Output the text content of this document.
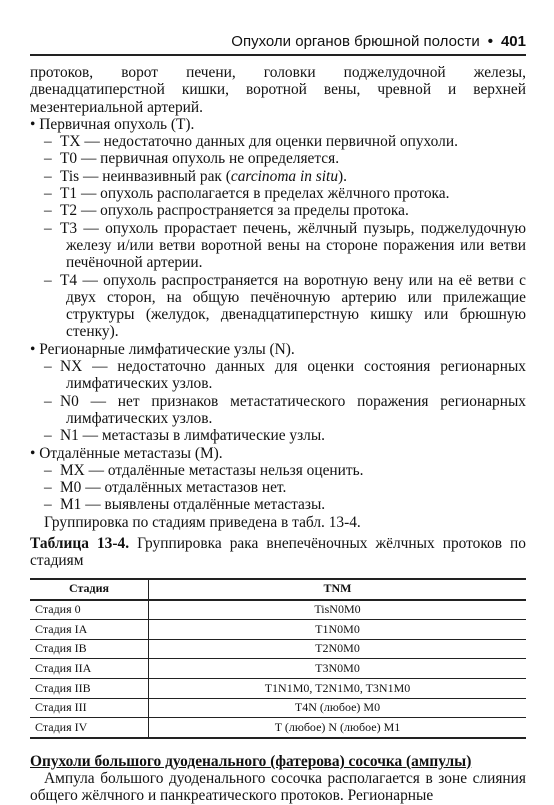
Опухоли органов брюшной полости • 401

протоков, ворот печени, головки поджелудочной железы, двенадцатиперстной кишки, воротной вены, чревной и верхней мезентериальной артерий.

• Первичная опухоль (Т).

– TX — недостаточно данных для оценки первичной опухоли.

– T0 — первичная опухоль не определяется.

– Tis — неинвазивный рак (carcinoma in situ).

– T1 — опухоль располагается в пределах жёлчного протока.

– T2 — опухоль распространяется за пределы протока.

– T3 — опухоль прорастает печень, жёлчный пузырь, поджелудочную железу и/или ветви воротной вены на стороне поражения или ветви печёночной артерии.

– T4 — опухоль распространяется на воротную вену или на её ветви с двух сторон, на общую печёночную артерию или прилежащие структуры (желудок, двенадцатиперстную кишку или брюшную стенку).

• Регионарные лимфатические узлы (N).

– NX — недостаточно данных для оценки состояния регионарных лимфатических узлов.

– N0 — нет признаков метастатического поражения регионарных лимфатических узлов.

– N1 — метастазы в лимфатические узлы.

• Отдалённые метастазы (М).

– MX — отдалённые метастазы нельзя оценить.

– M0 — отдалённых метастазов нет.

– M1 — выявлены отдалённые метастазы.

Группировка по стадиям приведена в табл. 13-4.

Таблица 13-4. Группировка рака внепечёночных жёлчных протоков по стадиям

Стадия	TNM
Стадия 0	TisN0M0
Стадия IA	T1N0M0
Стадия IB	T2N0M0
Стадия IIA	T3N0M0
Стадия IIB	T1N1M0, T2N1M0, T3N1M0
Стадия III	T4N (любое) M0
Стадия IV	T (любое) N (любое) M1

Опухоли большого дуоденального (фатерова) сосочка (ампулы)

Ампула большого дуоденального сосочка располагается в зоне слияния общего жёлчного и панкреатического протоков. Регионарные
